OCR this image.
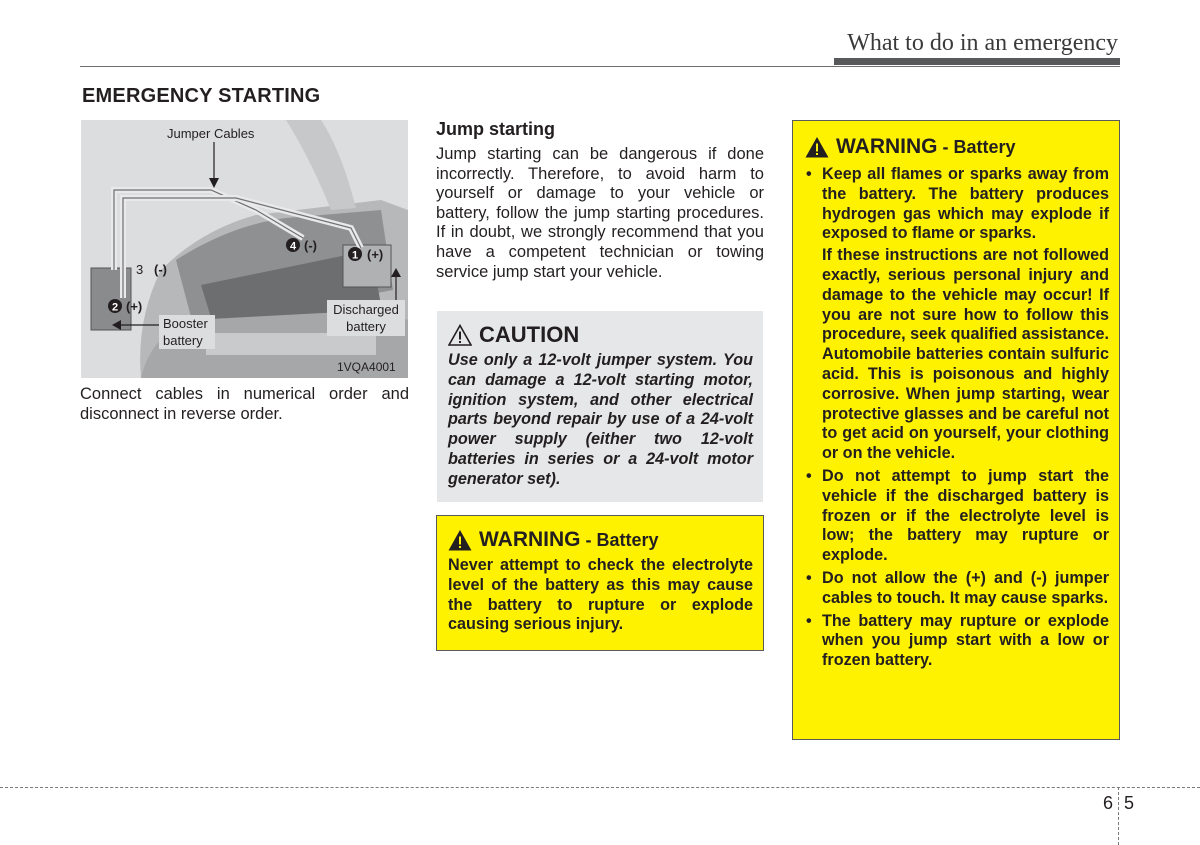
What to do in an emergency
EMERGENCY STARTING
Jumper Cables
4 (-)
1 (+)
3 (-)
2 (+)
Booster
battery
Discharged
battery
1VQA4001
Connect cables in numerical order and disconnect in reverse order.
Jump starting
Jump starting can be dangerous if done incorrectly. Therefore, to avoid harm to yourself or damage to your vehicle or battery, follow the jump starting procedures. If in doubt, we strongly recommend that you have a competent technician or towing service jump start your vehicle.
CAUTION
Use only a 12-volt jumper system. You can damage a 12-volt starting motor, ignition system, and other electrical parts beyond repair by use of a 24-volt power supply (either two 12-volt batteries in series or a 24-volt motor generator set).
WARNING - Battery
Never attempt to check the electrolyte level of the battery as this may cause the battery to rupture or explode causing serious injury.
WARNING - Battery
• Keep all flames or sparks away from the battery. The battery produces hydrogen gas which may explode if exposed to flame or sparks.
If these instructions are not followed exactly, serious personal injury and damage to the vehicle may occur! If you are not sure how to follow this procedure, seek qualified assistance. Automobile batteries contain sulfuric acid. This is poisonous and highly corrosive. When jump starting, wear protective glasses and be careful not to get acid on yourself, your clothing or on the vehicle.
• Do not attempt to jump start the vehicle if the discharged battery is frozen or if the electrolyte level is low; the battery may rupture or explode.
• Do not allow the (+) and (-) jumper cables to touch. It may cause sparks.
• The battery may rupture or explode when you jump start with a low or frozen battery.
6 5
